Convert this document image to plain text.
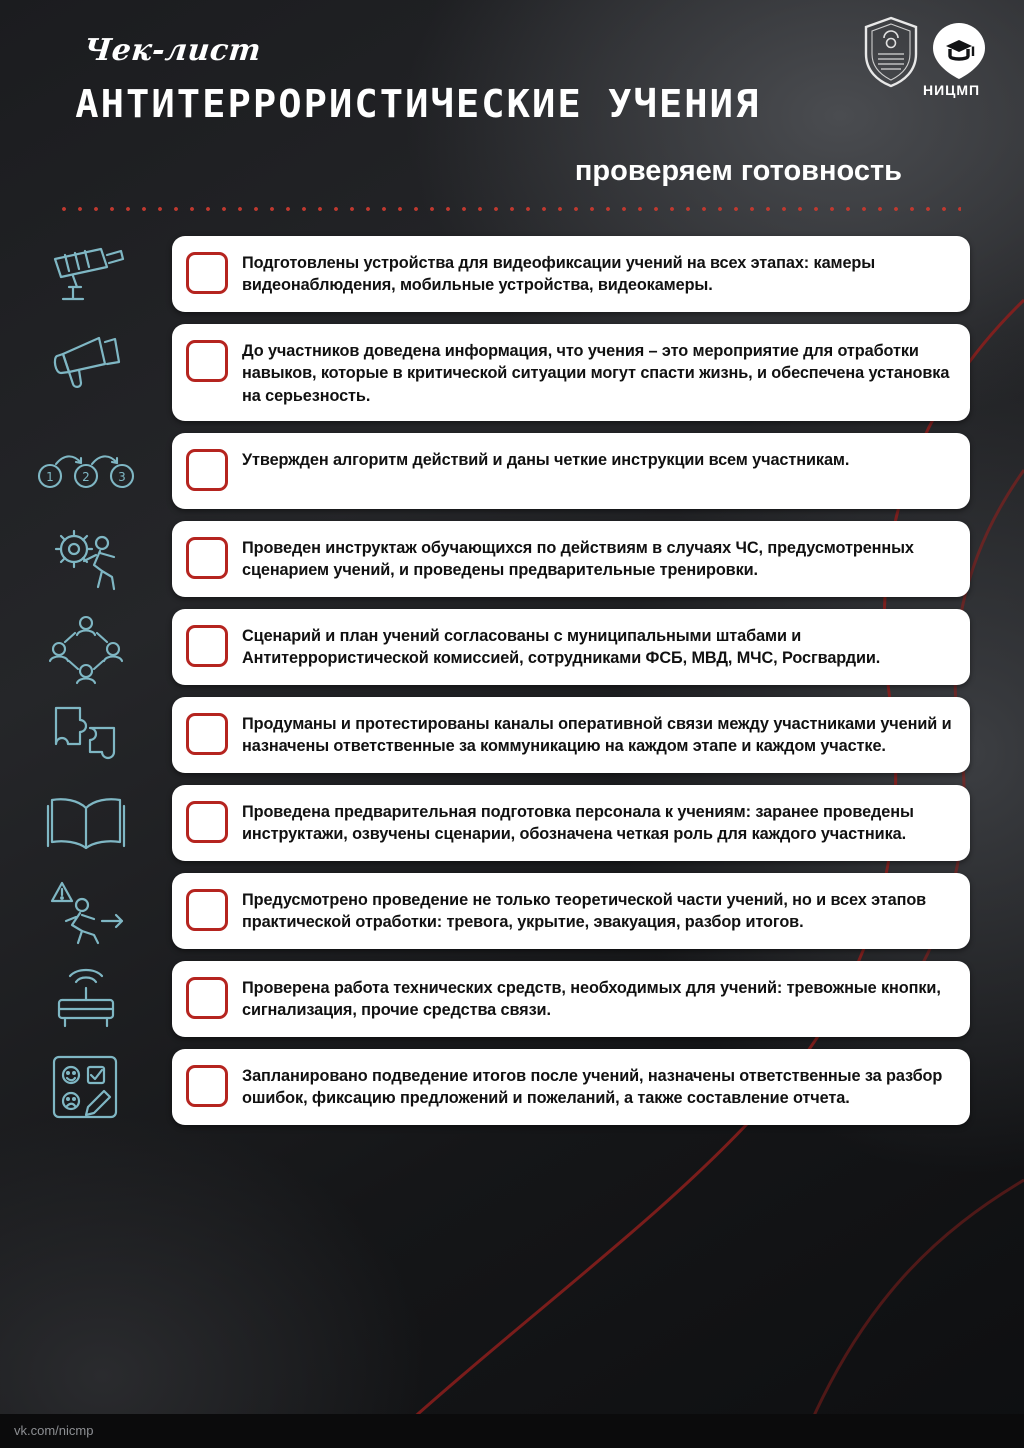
Чек-лист
АНТИТЕРРОРИСТИЧЕСКИЕ УЧЕНИЯ
проверяем готовность
НИЦМП
Подготовлены устройства для видеофиксации учений на всех этапах: камеры видеонаблюдения, мобильные устройства, видеокамеры.
До участников доведена информация, что учения – это мероприятие для отработки навыков, которые в критической ситуации могут спасти жизнь, и обеспечена установка на серьезность.
1 2 3
Утвержден алгоритм действий и даны четкие инструкции всем участникам.
Проведен инструктаж обучающихся по действиям в случаях ЧС, предусмотренных сценарием учений, и проведены предварительные тренировки.
Сценарий и план учений согласованы с муниципальными штабами и Антитеррористической комиссией, сотрудниками ФСБ, МВД, МЧС, Росгвардии.
Продуманы и протестированы каналы оперативной связи между участниками учений и назначены ответственные за коммуникацию на каждом этапе и каждом участке.
Проведена предварительная подготовка персонала к учениям: заранее проведены инструктажи, озвучены сценарии, обозначена четкая роль для каждого участника.
Предусмотрено проведение не только теоретической части учений, но и всех этапов практической отработки: тревога, укрытие, эвакуация, разбор итогов.
Проверена работа технических средств, необходимых для учений: тревожные кнопки, сигнализация, прочие средства связи.
Запланировано подведение итогов после учений, назначены ответственные за разбор ошибок, фиксацию предложений и пожеланий, а также составление отчета.
vk.com/nicmp
